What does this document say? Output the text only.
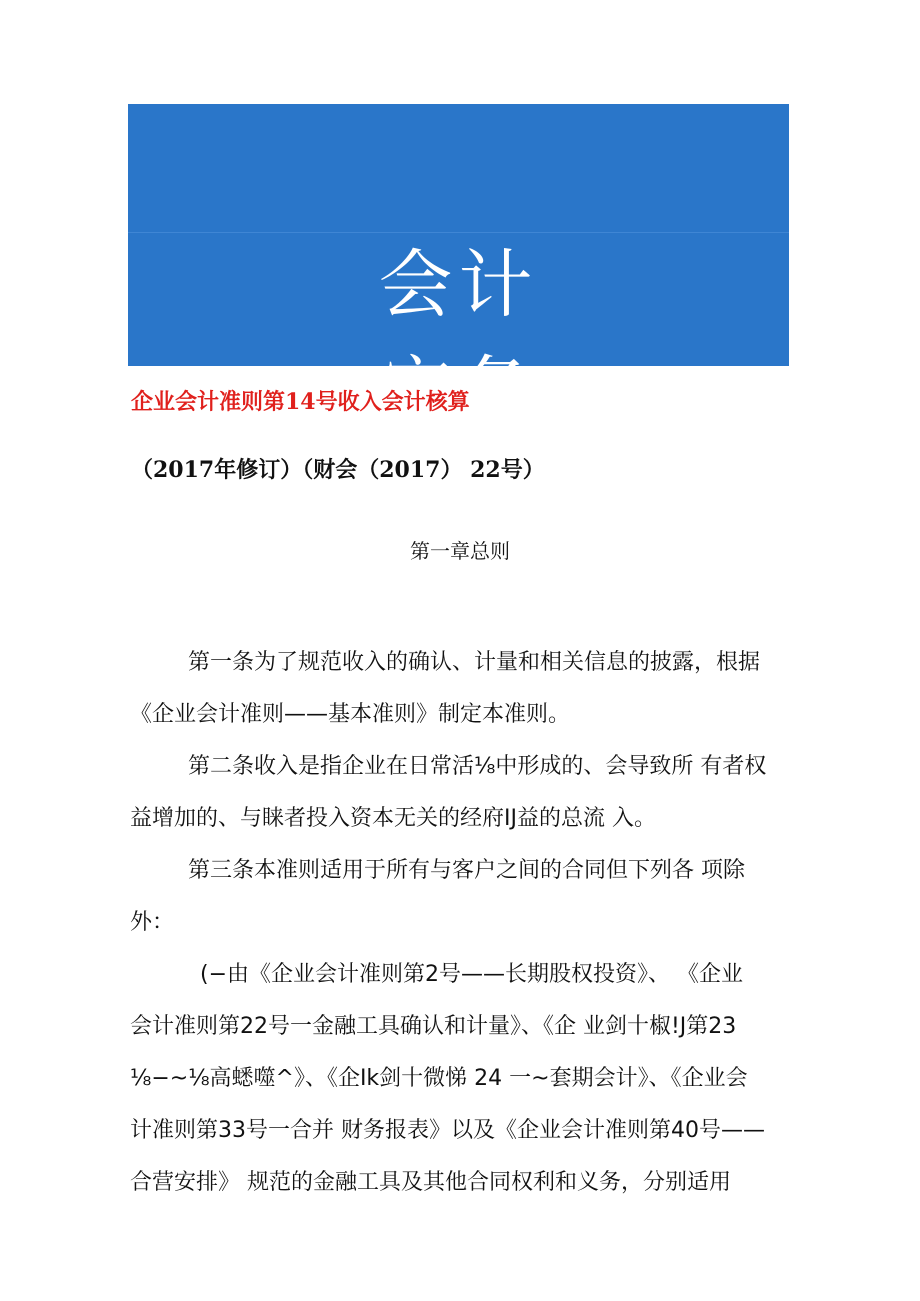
会计
实务
企业会计准则第14号收入会计核算
（2017年修订）（财会（2017） 22号）
第一章总则
第一条为了规范收入的确认、计量和相关信息的披露，根据
《企业会计准则——基本准则》制定本准则。
第二条收入是指企业在日常活⅛中形成的、会导致所 有者权
益增加的、与睐者投入资本无关的经府IJ益的总流 入。
第三条本准则适用于所有与客户之间的合同但下列各 项除
外：
(−由《企业会计准则第2号——长期股权投资》、 《企业
会计准则第22号一金融工具确认和计量》、《企 业剑十椒!J第23
⅛−~⅛高蟋噬^》、《企Ik剑十微悌 24 一~套期会计》、《企业会
计准则第33号一合并 财务报表》以及《企业会计准则第40号——
合营安排》 规范的金融工具及其他合同权利和义务，分别适用
